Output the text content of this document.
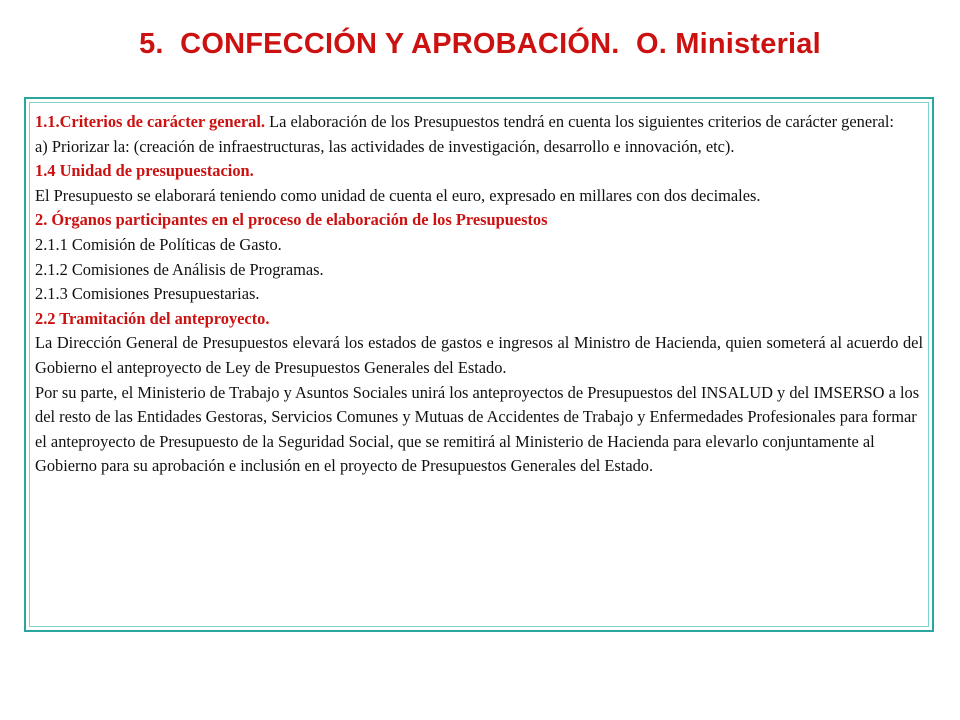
5.  CONFECCIÓN Y APROBACIÓN.  O. Ministerial

1.1.Criterios de carácter general. La elaboración de los Presupuestos tendrá en cuenta los siguientes criterios de carácter general:

a) Priorizar la: (creación de infraestructuras, las actividades de investigación, desarrollo e innovación, etc).

1.4 Unidad de presupuestacion.

El Presupuesto se elaborará teniendo como unidad de cuenta el euro, expresado en millares con dos decimales.

2. Órganos participantes en el proceso de elaboración de los Presupuestos

2.1.1 Comisión de Políticas de Gasto.

2.1.2 Comisiones de Análisis de Programas.

2.1.3 Comisiones Presupuestarias.

2.2 Tramitación del anteproyecto.

La Dirección General de Presupuestos elevará los estados de gastos e ingresos al Ministro de Hacienda, quien someterá al acuerdo del Gobierno el anteproyecto de Ley de Presupuestos Generales del Estado.

Por su parte, el Ministerio de Trabajo y Asuntos Sociales unirá los anteproyectos de Presupuestos del INSALUD y del IMSERSO a los del resto de las Entidades Gestoras, Servicios Comunes y Mutuas de Accidentes de Trabajo y Enfermedades Profesionales para formar el anteproyecto de Presupuesto de la Seguridad Social, que se remitirá al Ministerio de Hacienda para elevarlo conjuntamente al Gobierno para su aprobación e inclusión en el proyecto de Presupuestos Generales del Estado.
